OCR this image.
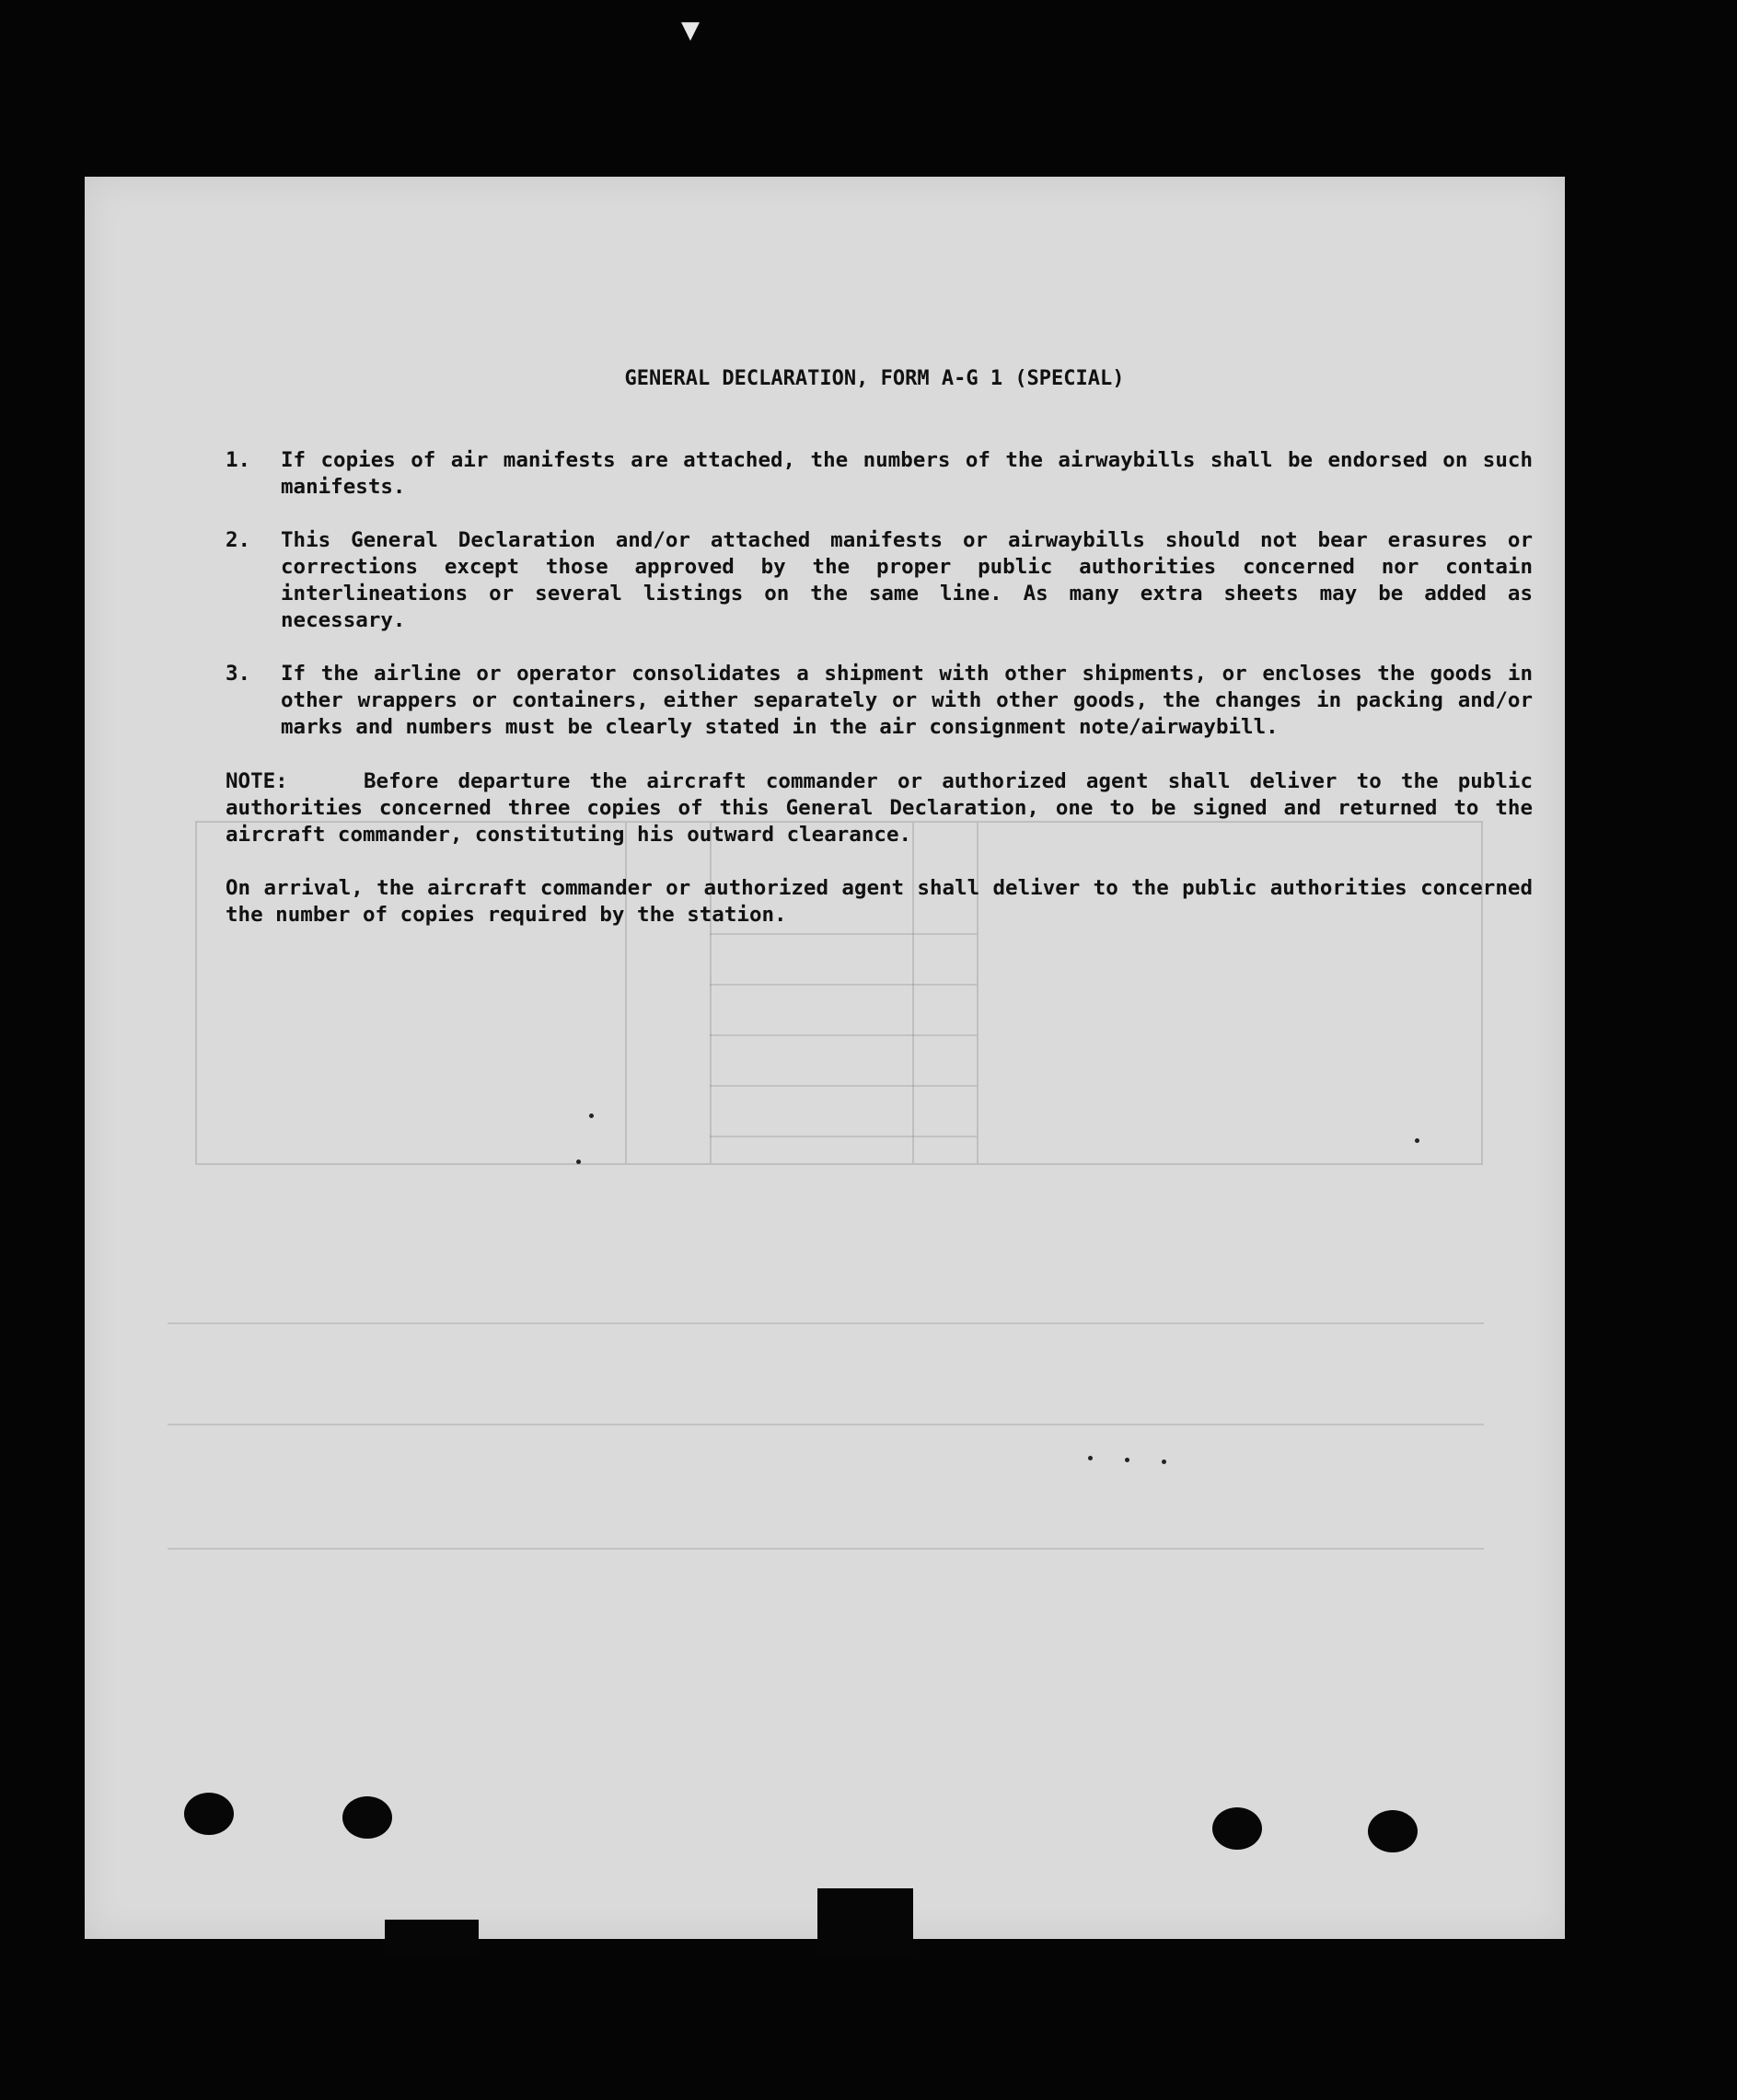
▼
GENERAL DECLARATION, FORM A-G 1 (SPECIAL)
1.	If copies of air manifests are attached, the numbers of the airwaybills shall be endorsed on such manifests.
2.	This General Declaration and/or attached manifests or airwaybills should not bear erasures or corrections except those approved by the proper public authorities concerned nor contain interlineations or several listings on the same line. As many extra sheets may be added as necessary.
3.	If the airline or operator consolidates a shipment with other shipments, or encloses the goods in other wrappers or containers, either separately or with other goods, the changes in packing and/or marks and numbers must be clearly stated in the air consignment note/airwaybill.
NOTE:	Before departure the aircraft commander or authorized agent shall deliver to the public authorities concerned three copies of this General Declaration, one to be signed and returned to the aircraft commander, constituting his outward clearance.
On arrival, the aircraft commander or authorized agent shall deliver to the public authorities concerned the number of copies required by the station.
